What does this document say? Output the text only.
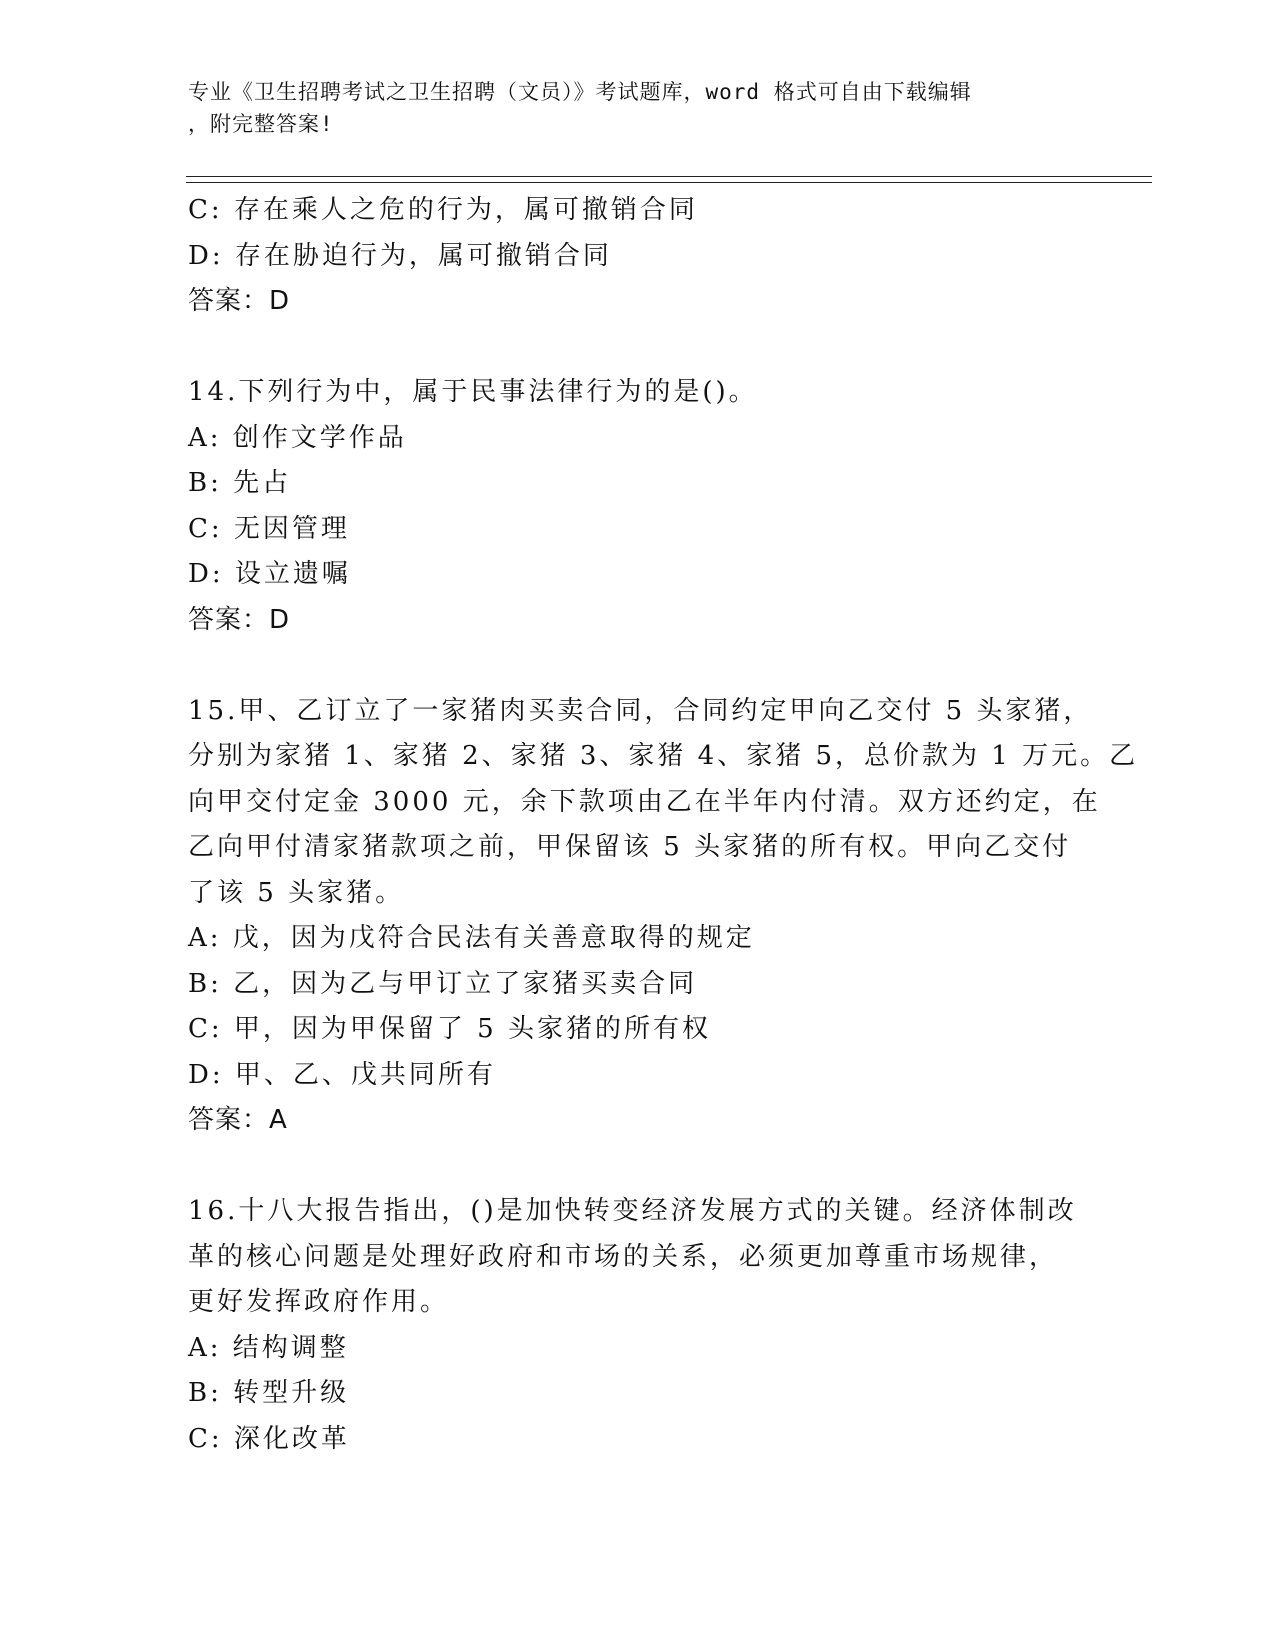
专业《卫生招聘考试之卫生招聘（文员）》考试题库，word 格式可自由下载编辑
，附完整答案!
C: 存在乘人之危的行为，属可撤销合同
D: 存在胁迫行为，属可撤销合同
答案：D
14.下列行为中，属于民事法律行为的是()。
A: 创作文学作品
B: 先占
C: 无因管理
D: 设立遗嘱
答案：D
15.甲、乙订立了一家猪肉买卖合同，合同约定甲向乙交付 5 头家猪，
分别为家猪 1、家猪 2、家猪 3、家猪 4、家猪 5，总价款为 1 万元。乙
向甲交付定金 3000 元，余下款项由乙在半年内付清。双方还约定，在
乙向甲付清家猪款项之前，甲保留该 5 头家猪的所有权。甲向乙交付
了该 5 头家猪。
A: 戊，因为戊符合民法有关善意取得的规定
B: 乙，因为乙与甲订立了家猪买卖合同
C: 甲，因为甲保留了 5 头家猪的所有权
D: 甲、乙、戊共同所有
答案：A
16.十八大报告指出，()是加快转变经济发展方式的关键。经济体制改
革的核心问题是处理好政府和市场的关系，必须更加尊重市场规律，
更好发挥政府作用。
A: 结构调整
B: 转型升级
C: 深化改革
